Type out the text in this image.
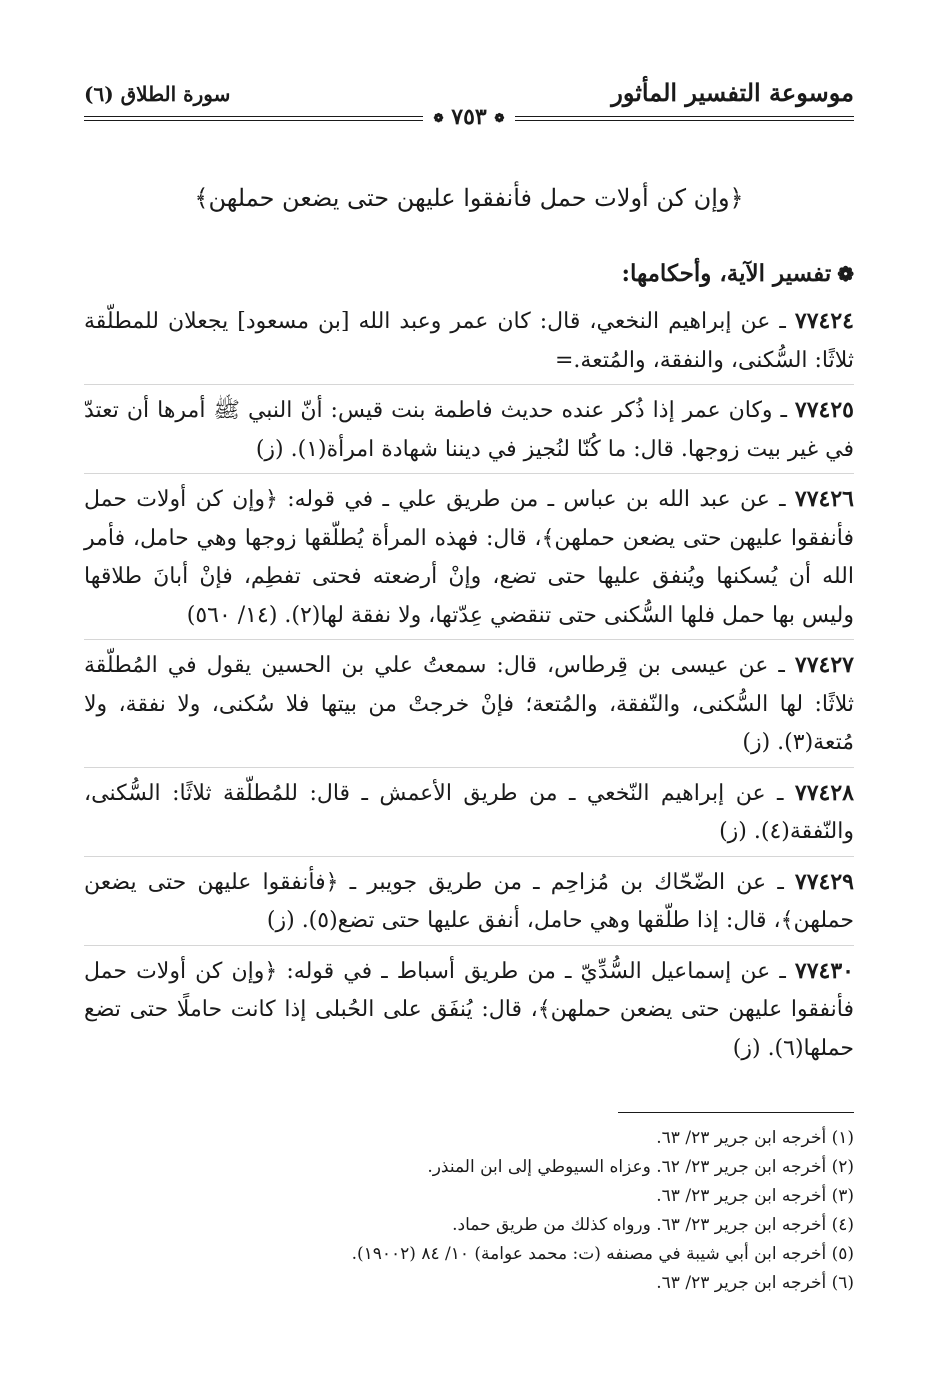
موسوعة التفسير المأثور
سورة الطلاق (٦)
❁ ٧٥٣ ❁
﴿وإن كن أولات حمل فأنفقوا عليهن حتى يضعن حملهن﴾
❁تفسير الآية، وأحكامها:

٧٧٤٢٤ ـ عن إبراهيم النخعي، قال: كان عمر وعبد الله [بن مسعود] يجعلان للمطلّقة ثلاثًا: السُّكنى، والنفقة، والمُتعة.=

٧٧٤٢٥ ـ وكان عمر إذا ذُكر عنده حديث فاطمة بنت قيس: أنّ النبي ﷺ أمرها أن تعتدّ في غير بيت زوجها. قال: ما كُنّا لنُجيز في ديننا شهادة امرأة(١). (ز)

٧٧٤٢٦ ـ عن عبد الله بن عباس ـ من طريق علي ـ في قوله: ﴿وإن كن أولات حمل فأنفقوا عليهن حتى يضعن حملهن﴾، قال: فهذه المرأة يُطلّقها زوجها وهي حامل، فأمر الله أن يُسكنها ويُنفق عليها حتى تضع، وإنْ أرضعته فحتى تفطِم، فإنْ أبانَ طلاقها وليس بها حمل فلها السُّكنى حتى تنقضي عِدّتها، ولا نفقة لها(٢). (١٤/ ٥٦٠)

٧٧٤٢٧ ـ عن عيسى بن قِرطاس، قال: سمعتُ علي بن الحسين يقول في المُطلّقة ثلاثًا: لها السُّكنى، والنّفقة، والمُتعة؛ فإنْ خرجتْ من بيتها فلا سُكنى، ولا نفقة، ولا مُتعة(٣). (ز)

٧٧٤٢٨ ـ عن إبراهيم النّخعي ـ من طريق الأعمش ـ قال: للمُطلّقة ثلاثًا: السُّكنى، والنّفقة(٤). (ز)

٧٧٤٢٩ ـ عن الضّحّاك بن مُزاحِم ـ من طريق جويبر ـ ﴿فأنفقوا عليهن حتى يضعن حملهن﴾، قال: إذا طلّقها وهي حامل، أنفق عليها حتى تضع(٥). (ز)

٧٧٤٣٠ ـ عن إسماعيل السُّدِّيّ ـ من طريق أسباط ـ في قوله: ﴿وإن كن أولات حمل فأنفقوا عليهن حتى يضعن حملهن﴾، قال: يُنفَق على الحُبلى إذا كانت حاملًا حتى تضع حملها(٦). (ز)

(١) أخرجه ابن جرير ٢٣/ ٦٣.
(٢) أخرجه ابن جرير ٢٣/ ٦٢. وعزاه السيوطي إلى ابن المنذر.
(٣) أخرجه ابن جرير ٢٣/ ٦٣.
(٤) أخرجه ابن جرير ٢٣/ ٦٣. ورواه كذلك من طريق حماد.
(٥) أخرجه ابن أبي شيبة في مصنفه (ت: محمد عوامة) ١٠/ ٨٤ (١٩٠٠٢).
(٦) أخرجه ابن جرير ٢٣/ ٦٣.
